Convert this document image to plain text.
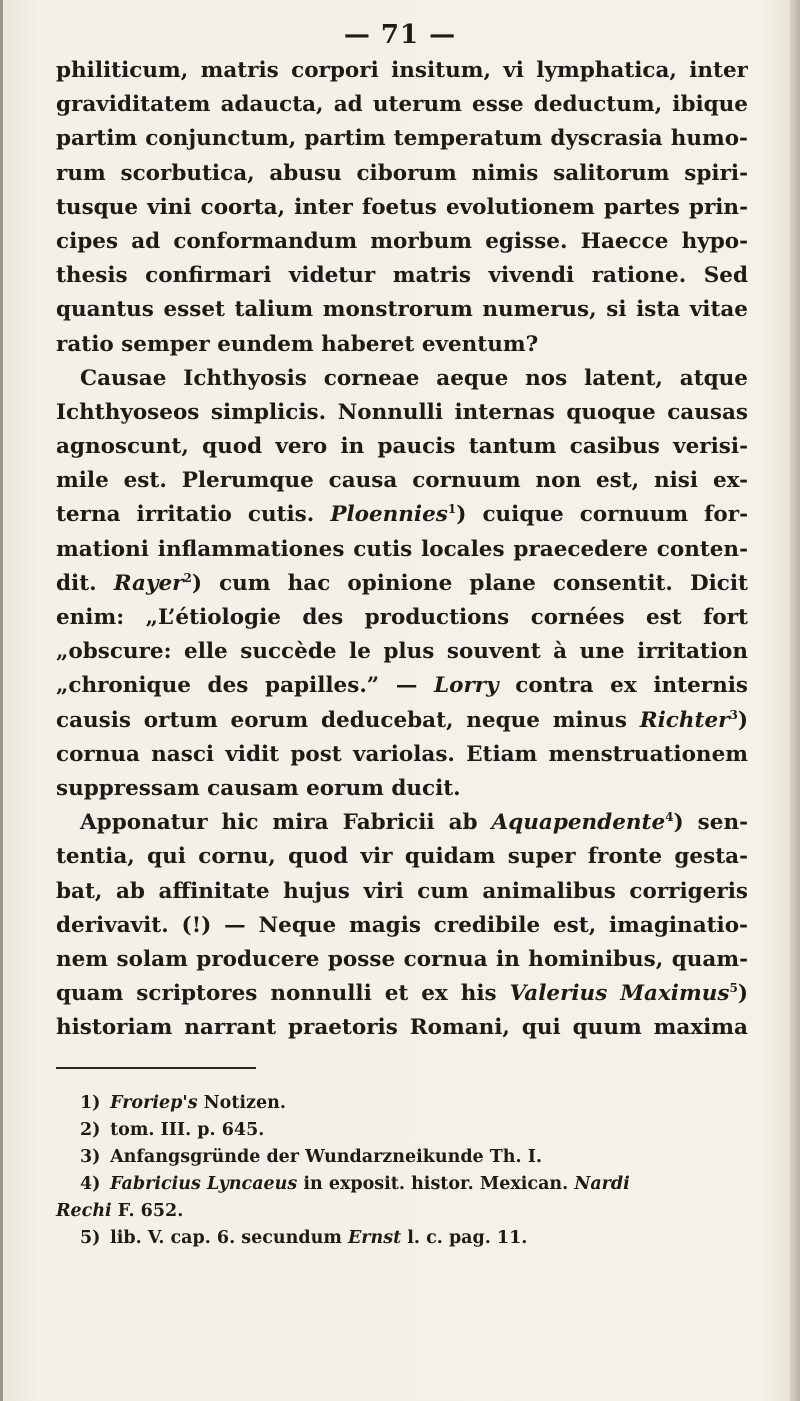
— 71 —
philiticum, matris corpori insitum, vi lymphatica, inter
graviditatem adaucta, ad uterum esse deductum, ibique
partim conjunctum, partim temperatum dyscrasia humo-
rum scorbutica, abusu ciborum nimis salitorum spiri-
tusque vini coorta, inter foetus evolutionem partes prin-
cipes ad conformandum morbum egisse. Haecce hypo-
thesis confirmari videtur matris vivendi ratione. Sed
quantus esset talium monstrorum numerus, si ista vitae
ratio semper eundem haberet eventum?
Causae Ichthyosis corneae aeque nos latent, atque
Ichthyoseos simplicis. Nonnulli internas quoque causas
agnoscunt, quod vero in paucis tantum casibus verisi-
mile est. Plerumque causa cornuum non est, nisi ex-
terna irritatio cutis. Ploennies$^1$) cuique cornuum for-
mationi inflammationes cutis locales praecedere conten-
dit. Rayer$^2$) cum hac opinione plane consentit. Dicit
enim: „L’étiologie des productions cornées est fort
„obscure: elle succède le plus souvent à une irritation
„chronique des papilles.” — Lorry contra ex internis
causis ortum eorum deducebat, neque minus Richter$^3$)
cornua nasci vidit post variolas. Etiam menstruationem
suppressam causam eorum ducit.
Apponatur hic mira Fabricii ab Aquapendente$^4$) sen-
tentia, qui cornu, quod vir quidam super fronte gesta-
bat, ab affinitate hujus viri cum animalibus corrigeris
derivavit. (!) — Neque magis credibile est, imaginatio-
nem solam producere posse cornua in hominibus, quam-
quam scriptores nonnulli et ex his Valerius Maximus$^5$)
historiam narrant praetoris Romani, qui quum maxima
1) Froriep's Notizen.
2) tom. III. p. 645.
3) Anfangsgründe der Wundarzneikunde Th. I.
4) Fabricius Lyncaeus in exposit. histor. Mexican. Nardi
Rechi F. 652.
5) lib. V. cap. 6. secundum Ernst l. c. pag. 11.
